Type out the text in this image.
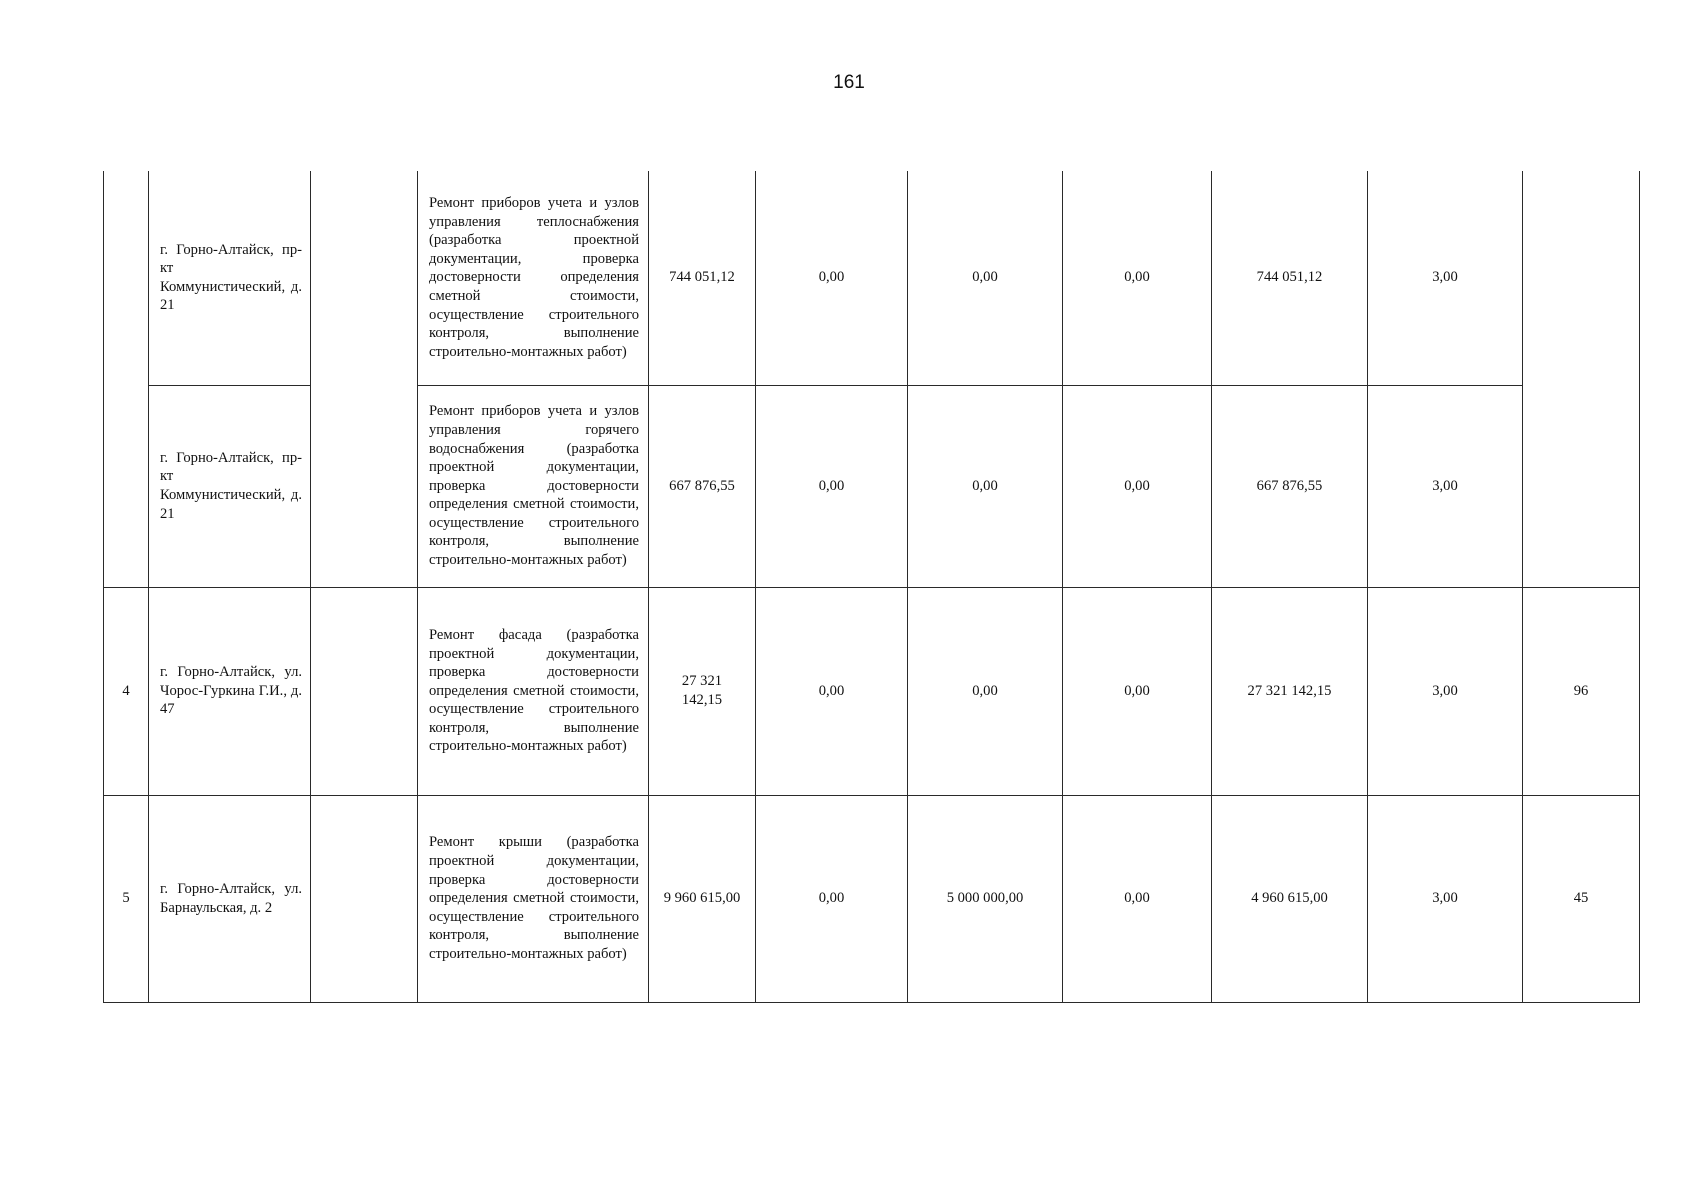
161
	г. Горно-Алтайск, пр-кт Коммунистический, д. 21		Ремонт приборов учета и узлов управления теплоснабжения (разработка проектной документации, проверка достоверности определения сметной стоимости, осуществление строительного контроля, выполнение строительно-монтажных работ)	744 051,12	0,00	0,00	0,00	744 051,12	3,00	
	г. Горно-Алтайск, пр-кт Коммунистический, д. 21		Ремонт приборов учета и узлов управления горячего водоснабжения (разработка проектной документации, проверка достоверности определения сметной стоимости, осуществление строительного контроля, выполнение строительно-монтажных работ)	667 876,55	0,00	0,00	0,00	667 876,55	3,00	
4	г. Горно-Алтайск, ул. Чорос-Гуркина Г.И., д. 47		Ремонт фасада (разработка проектной документации, проверка достоверности определения сметной стоимости, осуществление строительного контроля, выполнение строительно-монтажных работ)	27 321 142,15	0,00	0,00	0,00	27 321 142,15	3,00	96
5	г. Горно-Алтайск, ул. Барнаульская, д. 2		Ремонт крыши (разработка проектной документации, проверка достоверности определения сметной стоимости, осуществление строительного контроля, выполнение строительно-монтажных работ)	9 960 615,00	0,00	5 000 000,00	0,00	4 960 615,00	3,00	45
